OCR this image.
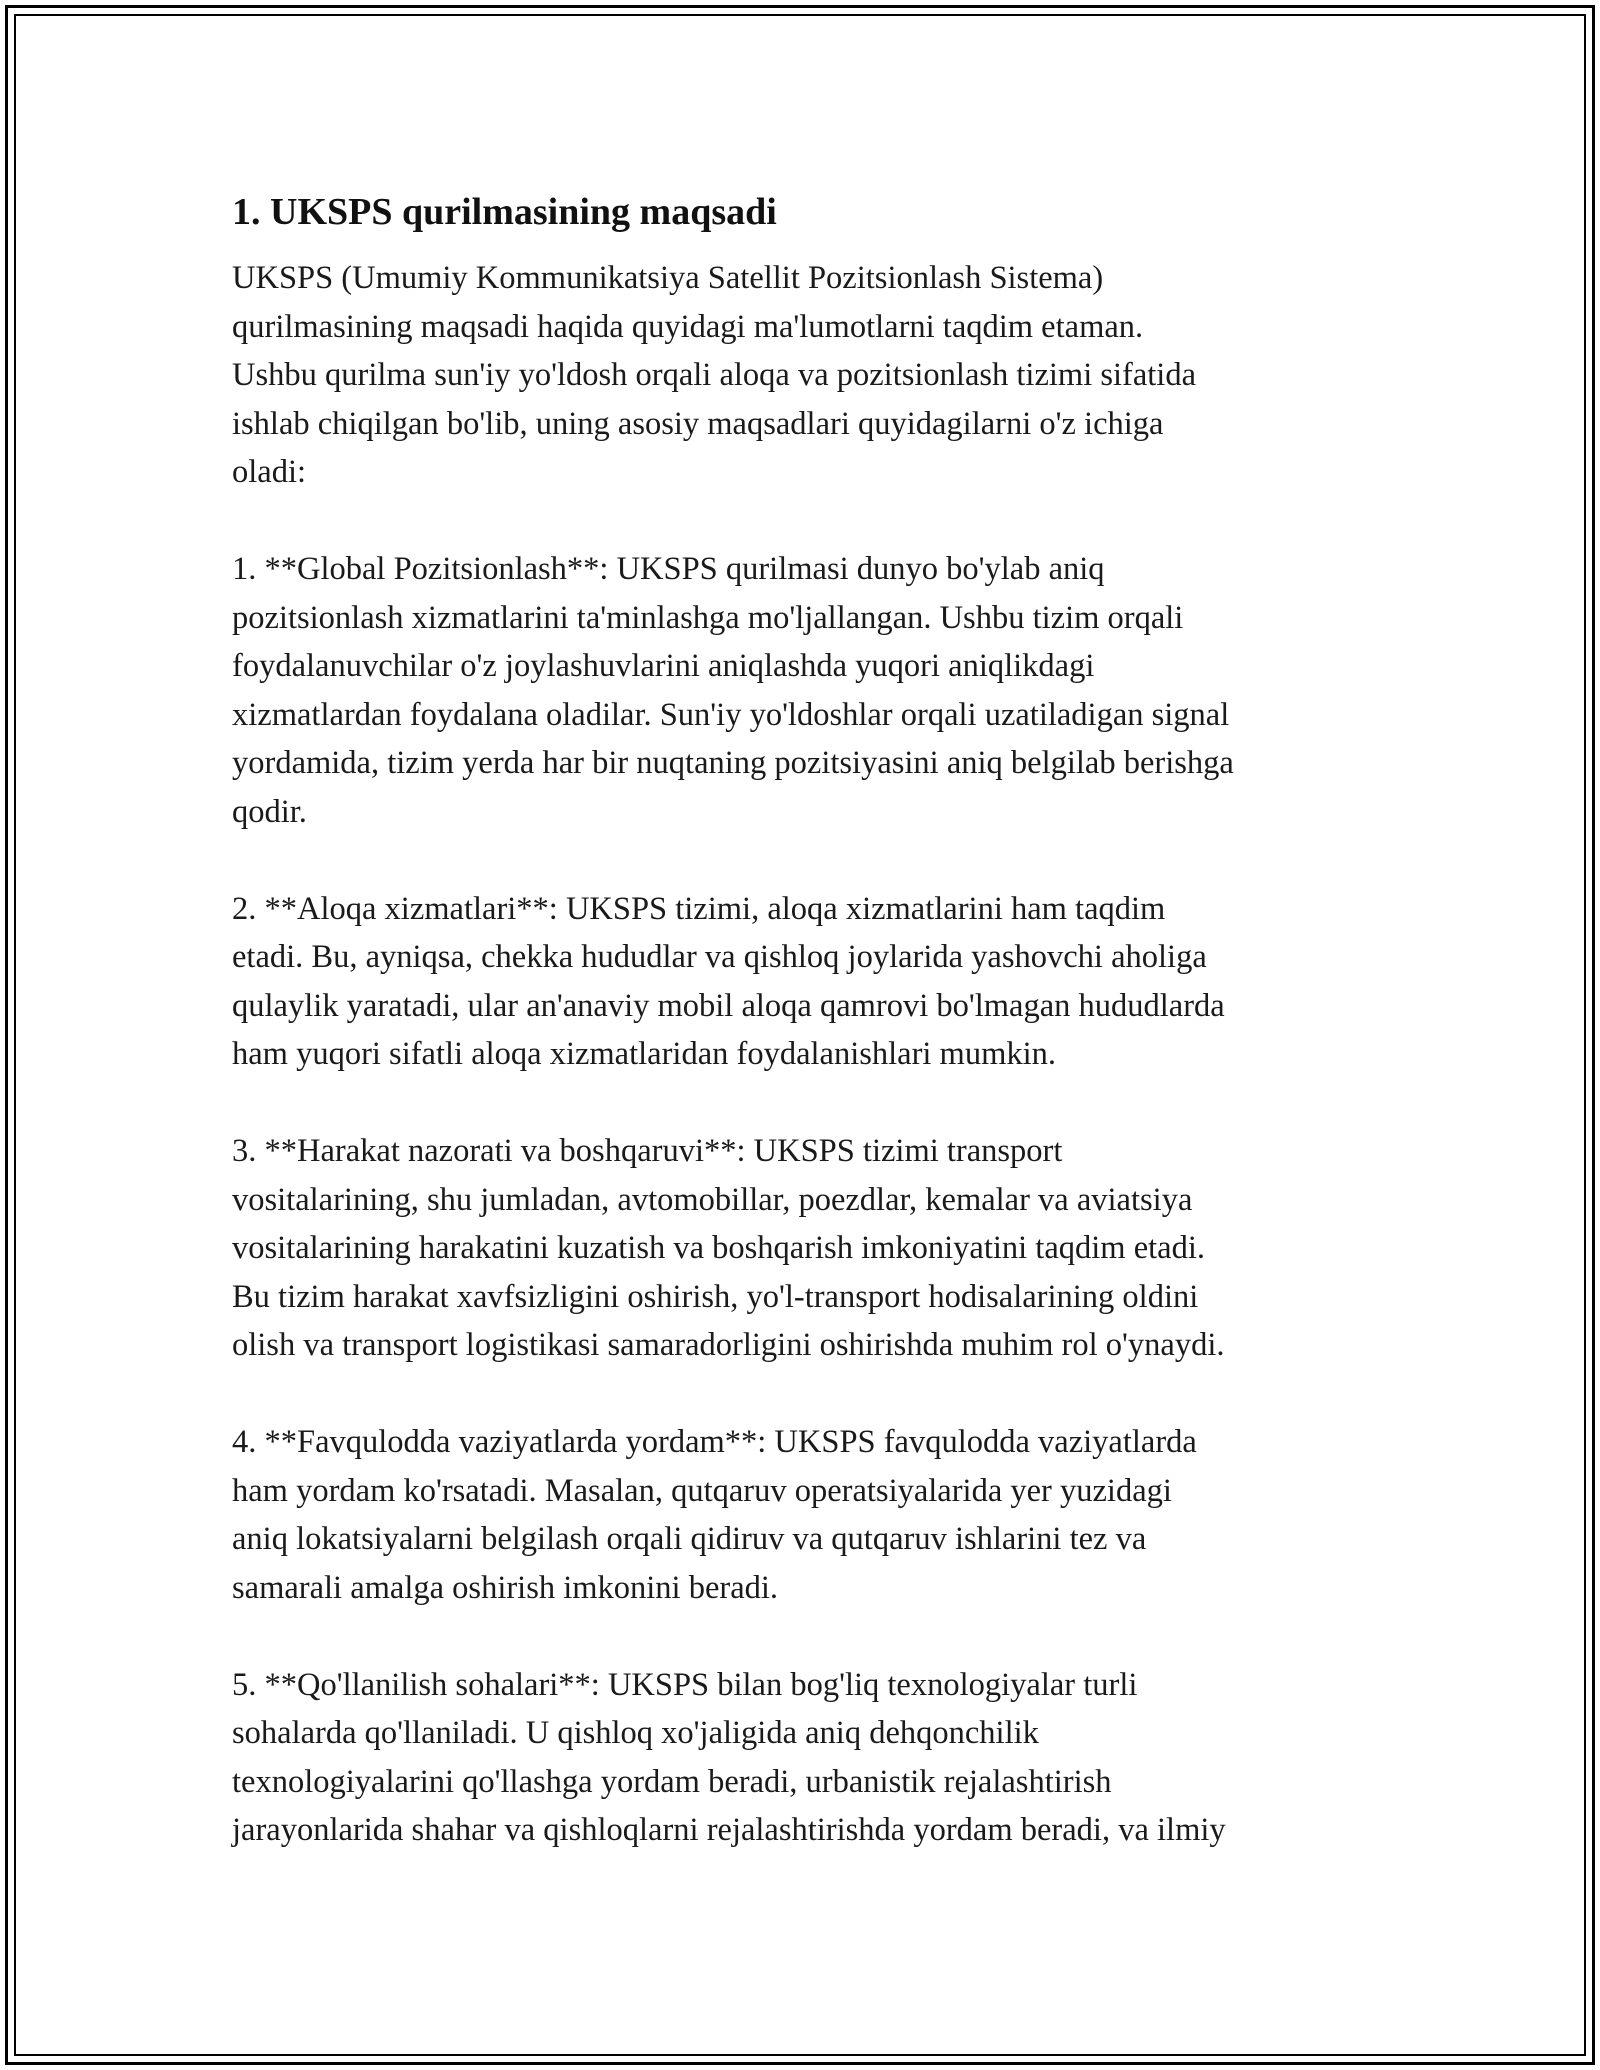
1. UKSPS qurilmasining maqsadi
UKSPS (Umumiy Kommunikatsiya Satellit Pozitsionlash Sistema)
qurilmasining maqsadi haqida quyidagi ma'lumotlarni taqdim etaman.
Ushbu qurilma sun'iy yo'ldosh orqali aloqa va pozitsionlash tizimi sifatida
ishlab chiqilgan bo'lib, uning asosiy maqsadlari quyidagilarni o'z ichiga
oladi:
1. **Global Pozitsionlash**: UKSPS qurilmasi dunyo bo'ylab aniq
pozitsionlash xizmatlarini ta'minlashga mo'ljallangan. Ushbu tizim orqali
foydalanuvchilar o'z joylashuvlarini aniqlashda yuqori aniqlikdagi
xizmatlardan foydalana oladilar. Sun'iy yo'ldoshlar orqali uzatiladigan signal
yordamida, tizim yerda har bir nuqtaning pozitsiyasini aniq belgilab berishga
qodir.
2. **Aloqa xizmatlari**: UKSPS tizimi, aloqa xizmatlarini ham taqdim
etadi. Bu, ayniqsa, chekka hududlar va qishloq joylarida yashovchi aholiga
qulaylik yaratadi, ular an'anaviy mobil aloqa qamrovi bo'lmagan hududlarda
ham yuqori sifatli aloqa xizmatlaridan foydalanishlari mumkin.
3. **Harakat nazorati va boshqaruvi**: UKSPS tizimi transport
vositalarining, shu jumladan, avtomobillar, poezdlar, kemalar va aviatsiya
vositalarining harakatini kuzatish va boshqarish imkoniyatini taqdim etadi.
Bu tizim harakat xavfsizligini oshirish, yo'l-transport hodisalarining oldini
olish va transport logistikasi samaradorligini oshirishda muhim rol o'ynaydi.
4. **Favqulodda vaziyatlarda yordam**: UKSPS favqulodda vaziyatlarda
ham yordam ko'rsatadi. Masalan, qutqaruv operatsiyalarida yer yuzidagi
aniq lokatsiyalarni belgilash orqali qidiruv va qutqaruv ishlarini tez va
samarali amalga oshirish imkonini beradi.
5. **Qo'llanilish sohalari**: UKSPS bilan bog'liq texnologiyalar turli
sohalarda qo'llaniladi. U qishloq xo'jaligida aniq dehqonchilik
texnologiyalarini qo'llashga yordam beradi, urbanistik rejalashtirish
jarayonlarida shahar va qishloqlarni rejalashtirishda yordam beradi, va ilmiy
